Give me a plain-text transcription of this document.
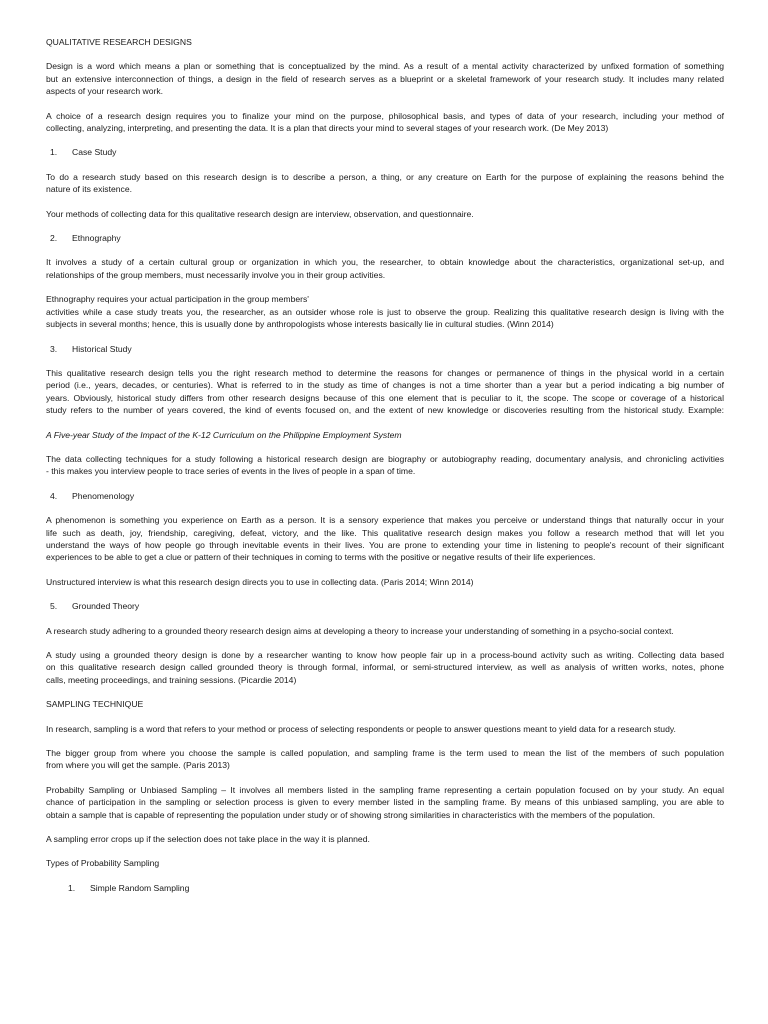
QUALITATIVE RESEARCH DESIGNS
Design is a word which means a plan or something that is conceptualized by the mind. As a result of a mental activity characterized by unfixed formation of something
but an extensive interconnection of things, a design in the field of research serves as a blueprint or a skeletal framework of your research study. It includes many related
aspects of your research work.
A choice of a research design requires you to finalize your mind on the purpose, philosophical basis, and types of data of your research, including your method of
collecting, analyzing, interpreting, and presenting the data. It is a plan that directs your mind to several stages of your research work. (De Mey 2013)
1. Case Study
To do a research study based on this research design is to describe a person, a thing, or any creature on Earth for the purpose of explaining the reasons behind the
nature of its existence.
Your methods of collecting data for this qualitative research design are interview, observation, and questionnaire.
2. Ethnography
It involves a study of a certain cultural group or organization in which you, the researcher, to obtain knowledge about the characteristics, organizational set-up, and
relationships of the group members, must necessarily involve you in their group activities.
Ethnography requires your actual participation in the group members'
activities while a case study treats you, the researcher, as an outsider whose role is just to observe the group. Realizing this qualitative research design is living with the
subjects in several months; hence, this is usually done by anthropologists whose interests basically lie in cultural studies. (Winn 2014)
3. Historical Study
This qualitative research design tells you the right research method to determine the reasons for changes or permanence of things in the physical world in a certain
period (i.e., years, decades, or centuries). What is referred to in the study as time of changes is not a time shorter than a year but a period indicating a big number of
years. Obviously, historical study differs from other research designs because of this one element that is peculiar to it, the scope. The scope or coverage of a historical
study refers to the number of years covered, the kind of events focused on, and the extent of new knowledge or discoveries resulting from the historical study. Example:
A Five-year Study of the Impact of the K-12 Curriculum on the Philippine Employment System
The data collecting techniques for a study following a historical research design are biography or autobiography reading, documentary analysis, and chronicling activities
- this makes you interview people to trace series of events in the lives of people in a span of time.
4. Phenomenology
A phenomenon is something you experience on Earth as a person. It is a sensory experience that makes you perceive or understand things that naturally occur in your
life such as death, joy, friendship, caregiving, defeat, victory, and the like. This qualitative research design makes you follow a research method that will let you
understand the ways of how people go through inevitable events in their lives. You are prone to extending your time in listening to people's recount of their significant
experiences to be able to get a clue or pattern of their techniques in coming to terms with the positive or negative results of their life experiences.
Unstructured interview is what this research design directs you to use in collecting data. (Paris 2014; Winn 2014)
5. Grounded Theory
A research study adhering to a grounded theory research design aims at developing a theory to increase your understanding of something in a psycho-social context.
A study using a grounded theory design is done by a researcher wanting to know how people fair up in a process-bound activity such as writing. Collecting data based
on this qualitative research design called grounded theory is through formal, informal, or semi-structured interview, as well as analysis of written works, notes, phone
calls, meeting proceedings, and training sessions. (Picardie 2014)
SAMPLING TECHNIQUE
In research, sampling is a word that refers to your method or process of selecting respondents or people to answer questions meant to yield data for a research study.
The bigger group from where you choose the sample is called population, and sampling frame is the term used to mean the list of the members of such population
from where you will get the sample. (Paris 2013)
Probabilty Sampling or Unbiased Sampling – It involves all members listed in the sampling frame representing a certain population focused on by your study. An equal
chance of participation in the sampling or selection process is given to every member listed in the sampling frame. By means of this unbiased sampling, you are able to
obtain a sample that is capable of representing the population under study or of showing strong similarities in characteristics with the members of the population.
A sampling error crops up if the selection does not take place in the way it is planned.
Types of Probability Sampling
1. Simple Random Sampling
